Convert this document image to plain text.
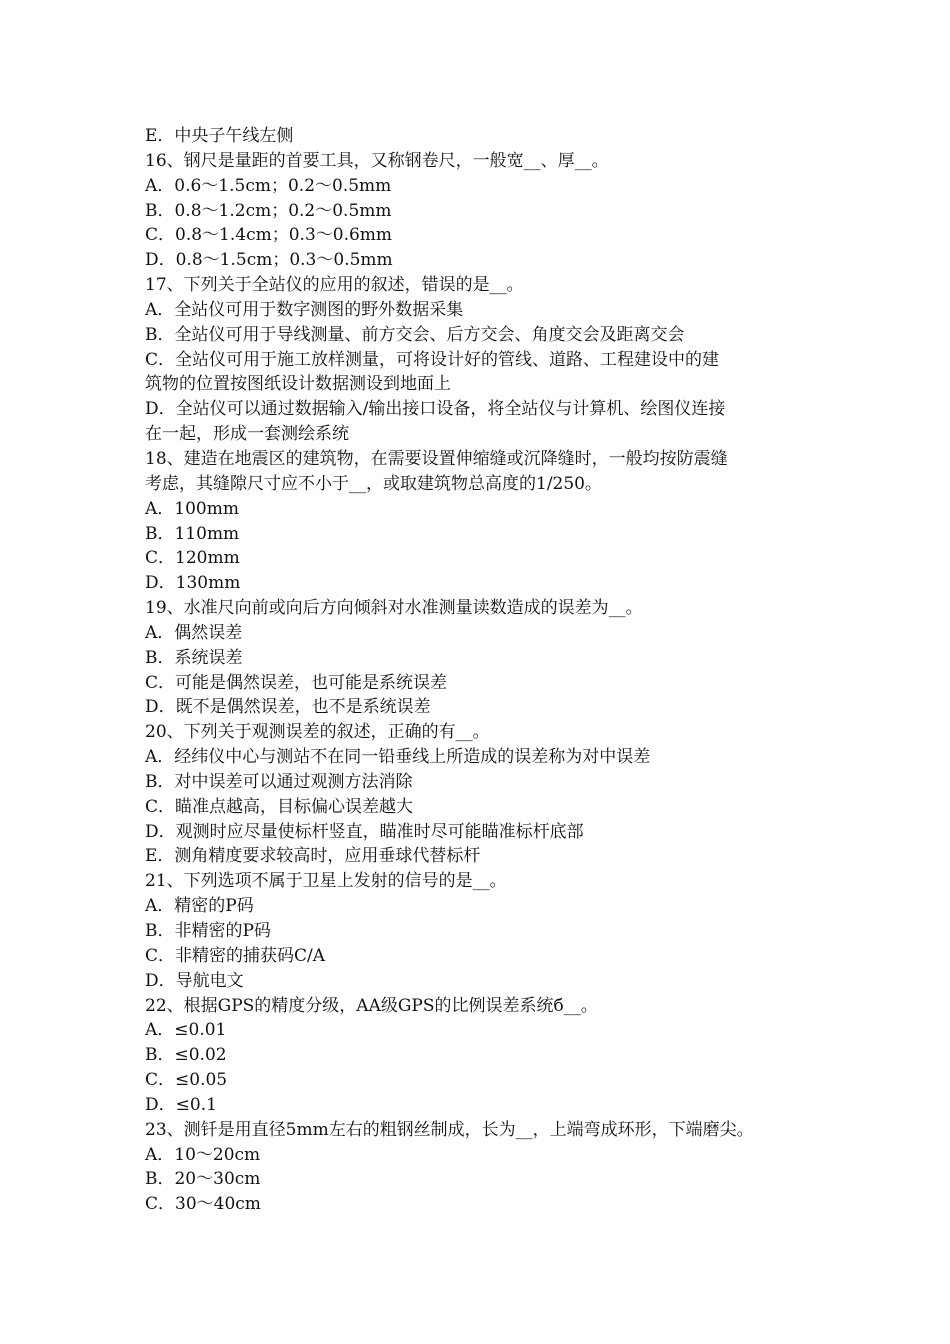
E．中央子午线左侧
16、钢尺是量距的首要工具，又称钢卷尺，一般宽__、厚__。
A．0.6～1.5cm；0.2～0.5mm
B．0.8～1.2cm；0.2～0.5mm
C．0.8～1.4cm；0.3～0.6mm
D．0.8～1.5cm；0.3～0.5mm
17、下列关于全站仪的应用的叙述，错误的是__。
A．全站仪可用于数字测图的野外数据采集
B．全站仪可用于导线测量、前方交会、后方交会、角度交会及距离交会
C．全站仪可用于施工放样测量，可将设计好的管线、道路、工程建设中的建
筑物的位置按图纸设计数据测设到地面上
D．全站仪可以通过数据输入/输出接口设备，将全站仪与计算机、绘图仪连接
在一起，形成一套测绘系统
18、建造在地震区的建筑物，在需要设置伸缩缝或沉降缝时，一般均按防震缝
考虑，其缝隙尺寸应不小于__，或取建筑物总高度的1/250。
A．100mm
B．110mm
C．120mm
D．130mm
19、水准尺向前或向后方向倾斜对水准测量读数造成的误差为__。
A．偶然误差
B．系统误差
C．可能是偶然误差，也可能是系统误差
D．既不是偶然误差，也不是系统误差
20、下列关于观测误差的叙述，正确的有__。
A．经纬仪中心与测站不在同一铅垂线上所造成的误差称为对中误差
B．对中误差可以通过观测方法消除
C．瞄准点越高，目标偏心误差越大
D．观测时应尽量使标杆竖直，瞄准时尽可能瞄准标杆底部
E．测角精度要求较高时，应用垂球代替标杆
21、下列选项不属于卫星上发射的信号的是__。
A．精密的P码
B．非精密的P码
C．非精密的捕获码C/A
D．导航电文
22、根据GPS的精度分级，AA级GPS的比例误差系统б__。
A．≤0.01
B．≤0.02
C．≤0.05
D．≤0.1
23、测钎是用直径5mm左右的粗钢丝制成，长为__，上端弯成环形，下端磨尖。
A．10～20cm
B．20～30cm
C．30～40cm
